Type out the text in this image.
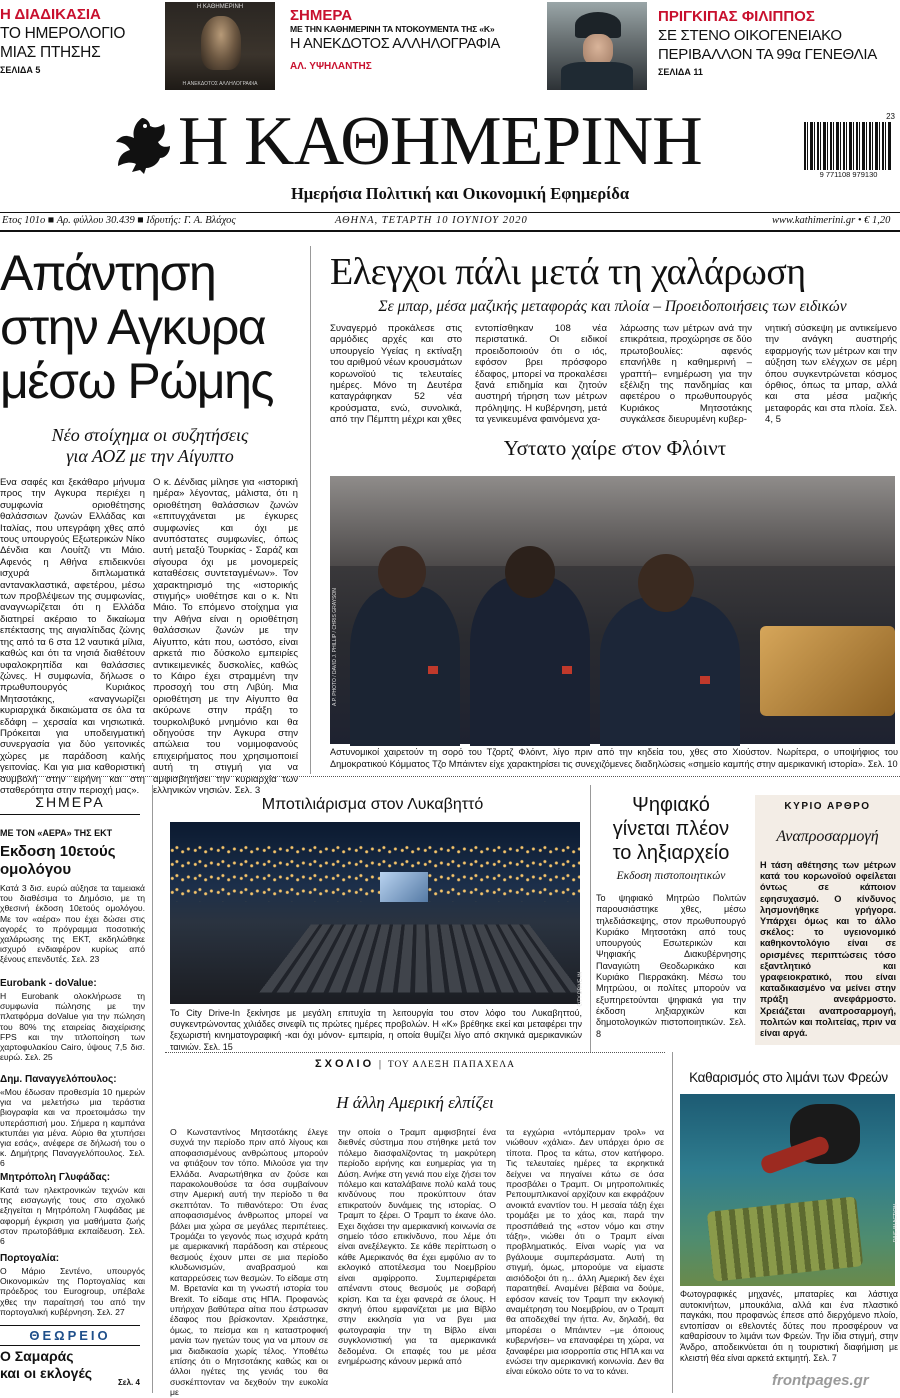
Η ΔΙΑΔΙΚΑΣΙΑ
ΤΟ ΗΜΕΡΟΛΟΓΙΟ
ΜΙΑΣ ΠΤΗΣΗΣ
ΣΕΛΙΔΑ 5
Η ΚΑΘΗΜΕΡΙΝΗ
Η ΑΝΕΚΔΟΤΟΣ ΑΛΛΗΛΟΓΡΑΦΙΑ
ΣΗΜΕΡΑ
ΜΕ ΤΗΝ ΚΑΘΗΜΕΡΙΝΗ ΤΑ ΝΤΟΚΟΥΜΕΝΤΑ ΤΗΣ «Κ»
Η ΑΝΕΚΔΟΤΟΣ ΑΛΛΗΛΟΓΡΑΦΙΑ
ΑΛ. ΥΨΗΛΑΝΤΗΣ
ΠΡΙΓΚΙΠΑΣ ΦΙΛΙΠΠΟΣ
ΣΕ ΣΤΕΝΟ ΟΙΚΟΓΕΝΕΙΑΚΟ
ΠΕΡΙΒΑΛΛΟΝ ΤΑ 99α ΓΕΝΕΘΛΙΑ
ΣΕΛΙΔΑ 11
Η ΚΑΘΗΜΕΡΙΝΗ
Ημερήσια Πολιτική και Οικονομική Εφημερίδα
23
9 771108 979130
Ετος 101ο ■ Αρ. φύλλου 30.439 ■ Ιδρυτής: Γ. Α. Βλάχος	ΑΘΗΝΑ, ΤΕΤΑΡΤΗ 10 ΙΟΥΝΙΟΥ 2020	www.kathimerini.gr • € 1,20
Απάντηση
στην Αγκυρα
μέσω Ρώμης
Νέο στοίχημα οι συζητήσεις
για ΑΟΖ με την Αίγυπτο
Ενα σαφές και ξεκάθαρο μήνυμα προς την Αγκυρα περιέχει η συμφωνία οριοθέτησης θαλάσσιων ζωνών Ελλάδας και Ιταλίας, που υπεγράφη χθες από τους υπουργούς Εξωτερικών Νίκο Δένδια και Λουίτζι ντι Μάιο. Αφενός η Αθήνα επιδεικνύει ισχυρά διπλωματικά αντανακλαστικά, αφετέρου, μέσω των προβλέψεων της συμφωνίας, αναγνωρίζεται ότι η Ελλάδα διατηρεί ακέραιο το δικαίωμα επέκτασης της αιγιαλίτιδας ζώνης της από τα 6 στα 12 ναυτικά μίλια, καθώς και ότι τα νησιά διαθέτουν υφαλοκρηπίδα και θαλάσσιες ζώνες. Η συμφωνία, δήλωσε ο πρωθυπουργός Κυριάκος Μητσοτάκης, «αναγνωρίζει κυριαρχικά δικαιώματα σε όλα τα εδάφη – χερσαία και νησιωτικά. Πρόκειται για υποδειγματική συνεργασία για δύο γειτονικές χώρες με παράδοση καλής γειτονίας. Και για μια καθοριστική συμβολή στην ειρήνη και στη σταθερότητα στην περιοχή μας».
Ο κ. Δένδιας μίλησε για «ιστορική ημέρα» λέγοντας, μάλιστα, ότι η οριοθέτηση θαλάσσιων ζωνών «επιτυγχάνεται με έγκυρες συμφωνίες και όχι με ανυπόστατες συμφωνίες, όπως αυτή μεταξύ Τουρκίας - Σαράζ και σίγουρα όχι με μονομερείς καταθέσεις συντεταγμένων». Τον χαρακτηρισμό της «ιστορικής στιγμής» υιοθέτησε και ο κ. Ντι Μάιο. Το επόμενο στοίχημα για την Αθήνα είναι η οριοθέτηση θαλάσσιων ζωνών με την Αίγυπτο, κάτι που, ωστόσο, είναι αρκετά πιο δύσκολο εμπειρίες αντικειμενικές δυσκολίες, καθώς το Κάιρο έχει στραμμένη την προσοχή του στη Λιβύη. Μια οριοθέτηση με την Αίγυπτο θα ακύρωνε στην πράξη το τουρκολιβυκό μνημόνιο και θα οδηγούσε την Αγκυρα στην απώλεια του νομιμοφανούς επιχειρήματος που χρησιμοποιεί αυτή τη στιγμή για να αμφισβητήσει την κυριαρχία των ελληνικών νησιών. Σελ. 3
Ελεγχοι πάλι μετά τη χαλάρωση
Σε μπαρ, μέσα μαζικής μεταφοράς και πλοία – Προειδοποιήσεις των ειδικών
Συναγερμό προκάλεσε στις αρμόδιες αρχές και στο υπουργείο Υγείας η εκτίναξη του αριθμού νέων κρουσμάτων κορωνοϊού τις τελευταίες ημέρες. Μόνο τη Δευτέρα καταγράφηκαν 52 νέα κρούσματα, ενώ, συνολικά, από την Πέμπτη μέχρι και χθες
εντοπίσθηκαν 108 νέα περιστατικά. Οι ειδικοί προειδοποιούν ότι ο ιός, εφόσον βρει πρόσφορο έδαφος, μπορεί να προκαλέσει ξανά επιδημία και ζητούν αυστηρή τήρηση των μέτρων πρόληψης. Η κυβέρνηση, μετά τα γενικευμένα φαινόμενα χα-
λάρωσης των μέτρων ανά την επικράτεια, προχώρησε σε δύο πρωτοβουλίες: αφενός επανήλθε η καθημερινή –γραπτή– ενημέρωση για την εξέλιξη της πανδημίας και αφετέρου ο πρωθυπουργός Κυριάκος Μητσοτάκης συγκάλεσε διευρυμένη κυβερ-
νητική σύσκεψη με αντικείμενο την ανάγκη αυστηρής εφαρμογής των μέτρων και την αύξηση των ελέγχων σε μέρη όπου συγκεντρώνεται κόσμος όρθιος, όπως τα μπαρ, αλλά και στα μέσα μαζικής μεταφοράς και στα πλοία. Σελ. 4, 5
Υστατο χαίρε στον Φλόιντ
A.P. PHOTO / DAVID J. PHILLIP / CHRIS GRAYSON
Αστυνομικοί χαιρετούν τη σορό του Τζορτζ Φλόιντ, λίγο πριν από την κηδεία του, χθες στο Χιούστον. Νωρίτερα, ο υποψήφιος του Δημοκρατικού Κόμματος Τζο Μπάιντεν είχε χαρακτηρίσει τις συνεχιζόμενες διαδηλώσεις «σημείο καμπής στην αμερικανική ιστορία». Σελ. 10
ΣΗΜΕΡΑ
ΜΕ ΤΟΝ «ΑΕΡΑ» ΤΗΣ ΕΚΤ
Εκδοση 10ετούς
ομολόγου
Κατά 3 δισ. ευρώ αύξησε τα ταμειακά του διαθέσιμα το Δημόσιο, με τη χθεσινή έκδοση 10ετούς ομολόγου. Με τον «αέρα» που έχει δώσει στις αγορές το πρόγραμμα ποσοτικής χαλάρωσης της ΕΚΤ, εκδηλώθηκε ισχυρό ενδιαφέρον κυρίως από ξένους επενδυτές. Σελ. 23
Eurobank - doValue:
Η Eurobank ολοκλήρωσε τη συμφωνία πώλησης με την πλατφόρμα doValue για την πώληση του 80% της εταιρείας διαχείρισης FPS και την τιτλοποίηση των χαρτοφυλακίου Cairo, ύψους 7,5 δισ. ευρώ. Σελ. 25
Δημ. Παναγγελόπουλος:
«Μου έδωσαν προθεσμία 10 ημερών για να μελετήσω μια τεράστια βιογραφία και να προετοιμάσω την υπεράσπισή μου. Σήμερα η καμπάνα κτυπάει για μένα. Αύριο θα χτυπήσει για εσάς», ανέφερε σε δήλωσή του ο κ. Δημήτρης Παναγγελόπουλος. Σελ. 6
Μητρόπολη Γλυφάδας:
Κατά των ηλεκτρονικών τεχνών και της εισαγωγής τους στο σχολικό εξηγείται η Μητρόπολη Γλυφάδας με αφορμή έγκριση για μαθήματα ζωής στον πρωτοβάθμια εκπαίδευση. Σελ. 6
Πορτογαλία:
Ο Μάριο Σεντένο, υπουργός Οικονομικών της Πορτογαλίας και πρόεδρος του Eurogroup, υπέβαλε χθες την παραίτησή του από την πορτογαλική κυβέρνηση. Σελ. 27
ΘΕΩΡΕΙΟ
Ο Σαμαράς
και οι εκλογές
Σελ. 4
Μποτιλιάρισμα στον Λυκαβηττό
CITY DRIVE-IN
Το City Drive-In ξεκίνησε με μεγάλη επιτυχία τη λειτουργία του στον λόφο του Λυκαβηττού, συγκεντρώνοντας χιλιάδες σινεφίλ τις πρώτες ημέρες προβολών. Η «Κ» βρέθηκε εκεί και μεταφέρει την ξεχωριστή κινηματογραφική -και όχι μόνον- εμπειρία, η οποία θυμίζει λίγο από σκηνικά αμερικανικών ταινιών. Σελ. 15
Ψηφιακό
γίνεται πλέον
το ληξιαρχείο
Εκδοση πιστοποιητικών
Το ψηφιακό Μητρώο Πολιτών παρουσιάστηκε χθες, μέσω τηλεδιάσκεψης, στον πρωθυπουργό Κυριάκο Μητσοτάκη από τους υπουργούς Εσωτερικών και Ψηφιακής Διακυβέρνησης Παναγιώτη Θεοδωρικάκο και Κυριάκο Πιερρακάκη. Μέσω του Μητρώου, οι πολίτες μπορούν να εξυπηρετούνται ψηφιακά για την έκδοση ληξιαρχικών και δημοτολογικών πιστοποιητικών. Σελ. 8
ΚΥΡΙΟ ΑΡΘΡΟ
Αναπροσαρμογή
Η τάση αθέτησης των μέτρων κατά του κορωνοϊού οφείλεται όντως σε κάποιον εφησυχασμό. Ο κίνδυνος λησμονήθηκε γρήγορα. Υπάρχει όμως και το άλλο σκέλος: το υγειονομικό καθηκοντολόγιο είναι σε ορισμένες περιπτώσεις τόσο εξαντλητικό και γραφειοκρατικό, που είναι καταδικασμένο να μείνει στην πράξη ανεφάρμοστο. Χρειάζεται αναπροσαρμογή, πολιτών και πολιτείας, πριν να είναι αργά.
ΣΧΟΛΙΟ | ΤΟΥ ΑΛΕΞΗ ΠΑΠΑΧΕΛΑ
Η άλλη Αμερική ελπίζει
Ο Κωνσταντίνος Μητσοτάκης έλεγε συχνά την περίοδο πριν από λίγους και αποφασισμένους ανθρώπους μπορούν να φτιάξουν τον τόπο. Μιλούσε για την Ελλάδα. Αναρωτήθηκα αν ζούσε και παρακολουθούσε τα όσα συμβαίνουν στην Αμερική αυτή την περίοδο τι θα σκεπτόταν. Το πιθανότερο: Ότι ένας αποφασισμένος άνθρωπος μπορεί να βάλει μια χώρα σε μεγάλες περιπέτειες. Τρομάζει το γεγονός πως ισχυρά κράτη με αμερικανική παράδοση και στέρεους θεσμούς έχουν μπει σε μια περίοδο κλυδωνισμών, αναβρασμού και καταρρεύσεις των θεσμών. Το είδαμε στη Μ. Βρετανία και τη γνωστή ιστορία του Brexit. Το είδαμε στις ΗΠΑ. Προφανώς υπήρχαν βαθύτερα αίτια που έστρωσαν έδαφος που βρίσκονταν. Χρειάστηκε, όμως, το πείσμα και η καταστροφική μανία των ηγετών τους για να μπουν σε μια διαδικασία χωρίς τέλος. Υποθέτω επίσης ότι ο Μητσοτάκης καθώς και οι άλλοι ηγέτες της γενιάς του θα συσκέπτονταν να δεχθούν την ευκολία με
την οποία ο Τραμπ αμφισβητεί ένα διεθνές σύστημα που στήθηκε μετά τον πόλεμο διασφαλίζοντας τη μακρύτερη περίοδο ειρήνης και ευημερίας για τη Δύση. Ανήκε στη γενιά που είχε ζήσει τον πόλεμο και καταλάβαινε πολύ καλά τους κινδύνους που προκύπτουν όταν επικρατούν δυνάμεις της ιστορίας. Ο Τραμπ το ξέρει. Ο Τραμπ το έκανε όλο. Εχει διχάσει την αμερικανική κοινωνία σε σημείο τόσο επικίνδυνο, που λέμε ότι είναι ανεξέλεγκτο. Σε κάθε περίπτωση ο κάθε Αμερικανός θα έχει εμφύλιο αν το εκλογικό αποτέλεσμα του Νοεμβρίου είναι αμφίρροπο. Συμπεριφέρεται απέναντι στους θεσμούς με σοβαρή κρίση. Και τα έχει φανερά σε όλους. Η σκηνή όπου εμφανίζεται με μια Βίβλο στην εκκλησία για να βγει μια φωτογραφία την τη Βίβλο είναι συγκλονιστική για τα αμερικανικά δεδομένα. Οι επαφές του με μέσα ενημέρωσης κάνουν μερικά από
τα εγχώρια «ντόμπερμαν τρολ» να νιώθουν «χάλια». Δεν υπάρχει όριο σε τίποτα. Προς τα κάτω, στον κατήφορο. Τις τελευταίες ημέρες τα εκρηκτικά δείχνει να πηγαίνει κάτω σε όσα προσβάλει ο Τραμπ. Οι μητροπολιτικές Ρεπουμπλικανοί αρχίζουν και εκφράζουν ανοικτά εναντίον του. Η μεσαία τάξη έχει τρομάξει με το χάος και, παρά την προσπάθειά της «στον νόμο και στην τάξη», νιώθει ότι ο Τραμπ είναι προβληματικός. Είναι νωρίς για να βγάλουμε συμπεράσματα. Αυτή τη στιγμή, όμως, μπορούμε να είμαστε αισιόδοξοι ότι η... άλλη Αμερική δεν έχει παραιτηθεί. Αναμένει βέβαια να δούμε, εφόσον κανείς τον Τραμπ την εκλογική αναμέτρηση του Νοεμβρίου, αν ο Τραμπ θα αποδεχθεί την ήττα. Αν, δηλαδή, θα μπορέσει ο Μπάιντεν –με όποιους κυβερνήσει– να επαναφέρει τη χώρα, να ξαναφέρει μια ισορροπία στις ΗΠΑ και να ενώσει την αμερικανική κοινωνία. Δεν θα είναι εύκολο ούτε το να το κάνει.
Καθαρισμός στο λιμάνι των Φρεών
DIVE IN ACTION
Φωτογραφικές μηχανές, μπαταρίες και λάστιχα αυτοκινήτων, μπουκάλια, αλλά και ένα πλαστικό παγκάκι, που προφανώς έπεσε από διερχόμενο πλοίο, εντοπίσαν οι εθελοντές δύτες που προσφέρουν να καθαρίσουν το λιμάνι των Φρεών. Την ίδια στιγμή, στην Άνδρο, αποδεικνύεται ότι η τουριστική διαφήμιση με κλειστή θέα είναι αρκετά εκτιμητή. Σελ. 7
frontpages.gr
